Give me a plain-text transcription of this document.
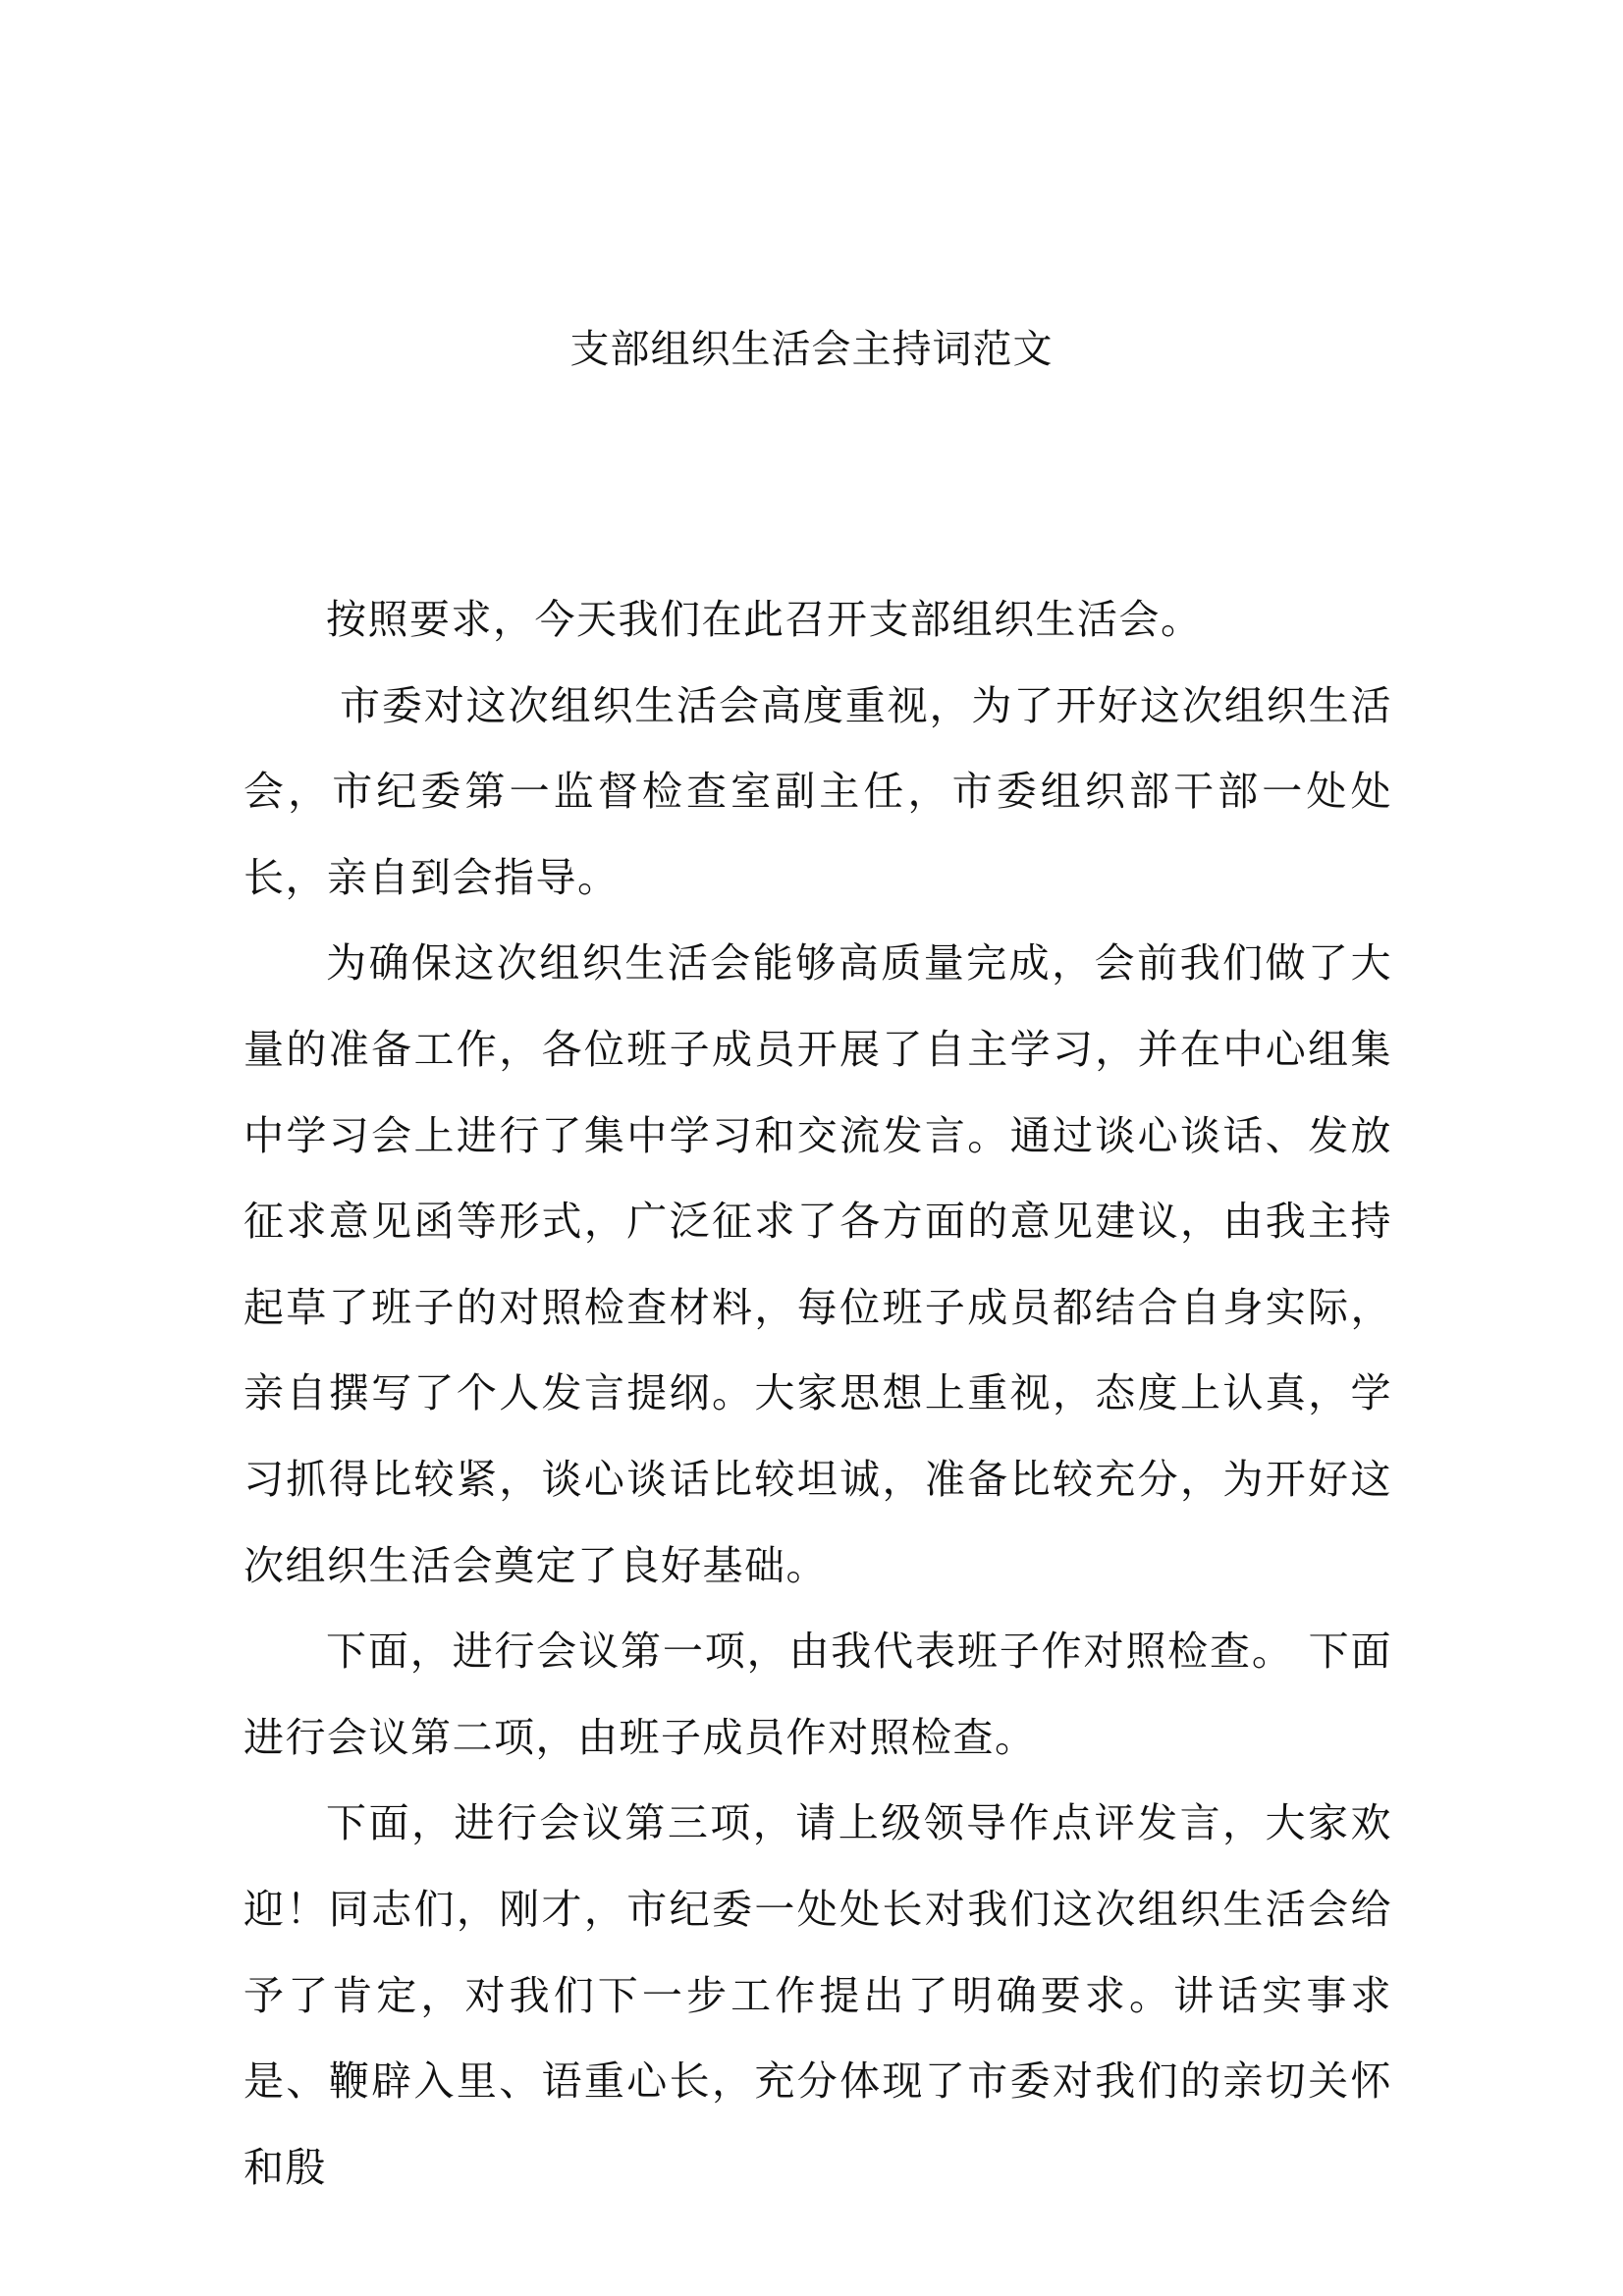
支部组织生活会主持词范文

按照要求，今天我们在此召开支部组织生活会。

市委对这次组织生活会高度重视，为了开好这次组织生活会，市纪委第一监督检查室副主任，市委组织部干部一处处长，亲自到会指导。

为确保这次组织生活会能够高质量完成，会前我们做了大量的准备工作，各位班子成员开展了自主学习，并在中心组集中学习会上进行了集中学习和交流发言。通过谈心谈话、发放征求意见函等形式，广泛征求了各方面的意见建议，由我主持起草了班子的对照检查材料，每位班子成员都结合自身实际，亲自撰写了个人发言提纲。大家思想上重视，态度上认真，学习抓得比较紧，谈心谈话比较坦诚，准备比较充分，为开好这次组织生活会奠定了良好基础。

下面，进行会议第一项，由我代表班子作对照检查。 下面进行会议第二项，由班子成员作对照检查。

下面，进行会议第三项，请上级领导作点评发言，大家欢迎！同志们，刚才，市纪委一处处长对我们这次组织生活会给予了肯定，对我们下一步工作提出了明确要求。讲话实事求是、鞭辟入里、语重心长，充分体现了市委对我们的亲切关怀和殷
